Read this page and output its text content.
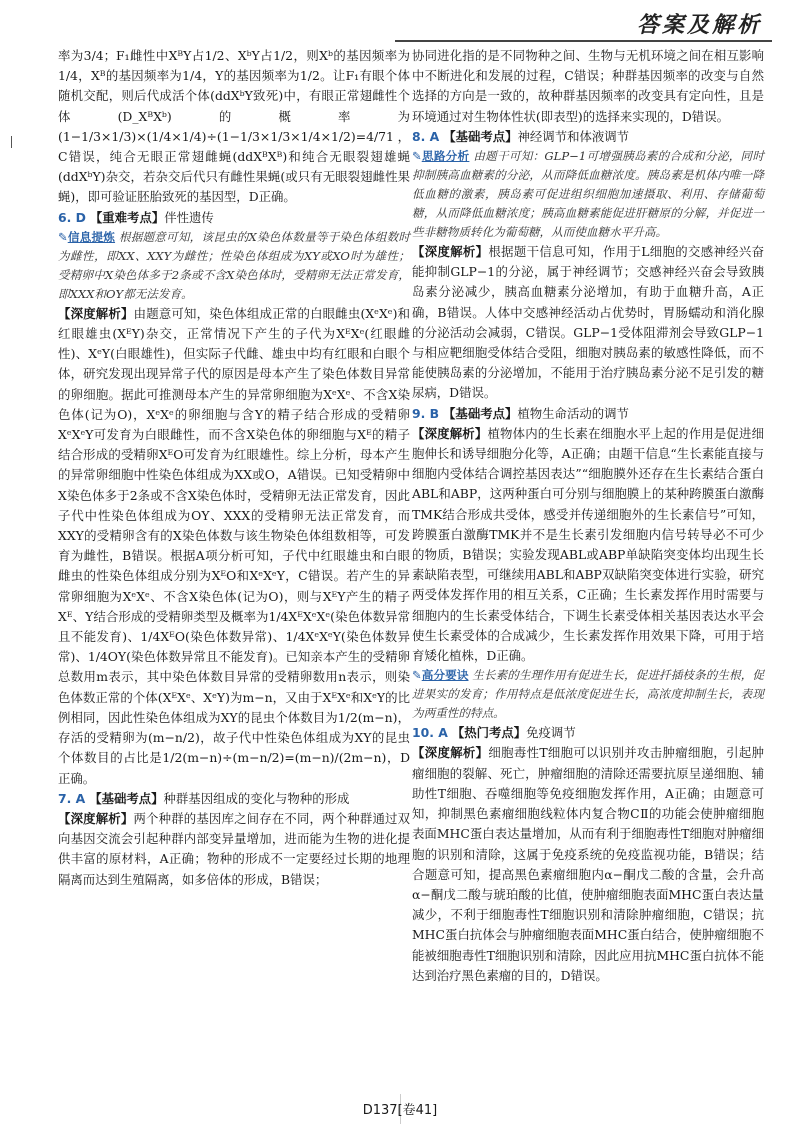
答案及解析

率为3/4；F₁雌性中XᴮY占1/2、XᵇY占1/2，则Xᵇ的基因频率为1/4，Xᴮ的基因频率为1/4，Y的基因频率为1/2。让F₁有眼个体随机交配，则后代成活个体(ddXᵇY致死)中，有眼正常翅雌性个体(D_XᴮXᵇ)的概率为(1−1/3×1/3)×(1/4×1/4)÷(1−1/3×1/3×1/4×1/2)=4/71，C错误，纯合无眼正常翅雌蝇(ddXᴮXᴮ)和纯合无眼裂翅雄蝇(ddXᵇY)杂交，若杂交后代只有雌性果蝇(或只有无眼裂翅雌性果蝇)，即可验证胚胎致死的基因型，D正确。

6. D 【重难考点】伴性遗传

✎信息提炼 根据题意可知，该昆虫的X染色体数量等于染色体组数时为雌性，即XX、XXY为雌性；性染色体组成为XY或XO时为雄性；受精卵中X染色体多于2条或不含X染色体时，受精卵无法正常发育，即XXX和OY都无法发育。

【深度解析】由题意可知，染色体组成正常的白眼雌虫(XᵉXᵉ)和红眼雄虫(XᴱY)杂交，正常情况下产生的子代为XᴱXᵉ(红眼雌性)、XᵉY(白眼雄性)，但实际子代雌、雄虫中均有红眼和白眼个体，研究发现出现异常子代的原因是母本产生了染色体数目异常的卵细胞。据此可推测母本产生的异常卵细胞为XᵉXᵉ、不含X染色体(记为O)，XᵉXᵉ的卵细胞与含Y的精子结合形成的受精卵XᵉXᵉY可发育为白眼雌性，而不含X染色体的卵细胞与Xᴱ的精子结合形成的受精卵XᴱO可发育为红眼雄性。综上分析，母本产生的异常卵细胞中性染色体组成为XX或O，A错误。已知受精卵中X染色体多于2条或不含X染色体时，受精卵无法正常发育，因此子代中性染色体组成为OY、XXX的受精卵无法正常发育，而XXY的受精卵含有的X染色体数与该生物染色体组数相等，可发育为雌性，B错误。根据A项分析可知，子代中红眼雄虫和白眼雌虫的性染色体组成分别为XᴱO和XᵉXᵉY，C错误。若产生的异常卵细胞为XᵉXᵉ、不含X染色体(记为O)，则与XᴱY产生的精子Xᴱ、Y结合形成的受精卵类型及概率为1/4XᴱXᵉXᵉ(染色体数异常且不能发育)、1/4XᴱO(染色体数异常)、1/4XᵉXᵉY(染色体数异常)、1/4OY(染色体数异常且不能发育)。已知亲本产生的受精卵总数用m表示，其中染色体数目异常的受精卵数用n表示，则染色体数正常的个体(XᴱXᵉ、XᵉY)为m−n，又由于XᴱXᵉ和XᵉY的比例相同，因此性染色体组成为XY的昆虫个体数目为1/2(m−n)，存活的受精卵为(m−n/2)，故子代中性染色体组成为XY的昆虫个体数目的占比是1/2(m−n)÷(m−n/2)=(m−n)/(2m−n)，D正确。

7. A 【基础考点】种群基因组成的变化与物种的形成

【深度解析】两个种群的基因库之间存在不同，两个种群通过双向基因交流会引起种群内部变异量增加，进而能为生物的进化提供丰富的原材料，A正确；物种的形成不一定要经过长期的地理隔离而达到生殖隔离，如多倍体的形成，B错误；

协同进化指的是不同物种之间、生物与无机环境之间在相互影响中不断进化和发展的过程，C错误；种群基因频率的改变与自然选择的方向是一致的，故种群基因频率的改变具有定向性，且是环境通过对生物体性状(即表型)的选择来实现的，D错误。

8. A 【基础考点】神经调节和体液调节

✎思路分析 由题干可知：GLP−1可增强胰岛素的合成和分泌，同时抑制胰高血糖素的分泌，从而降低血糖浓度。胰岛素是机体内唯一降低血糖的激素，胰岛素可促进组织细胞加速摄取、利用、存储葡萄糖，从而降低血糖浓度；胰高血糖素能促进肝糖原的分解，并促进一些非糖物质转化为葡萄糖，从而使血糖水平升高。

【深度解析】根据题干信息可知，作用于L细胞的交感神经兴奋能抑制GLP−1的分泌，属于神经调节；交感神经兴奋会导致胰岛素分泌减少，胰高血糖素分泌增加，有助于血糖升高，A正确，B错误。人体中交感神经活动占优势时，胃肠蠕动和消化腺的分泌活动会减弱，C错误。GLP−1受体阻滞剂会导致GLP−1与相应靶细胞受体结合受阻，细胞对胰岛素的敏感性降低，而不能使胰岛素的分泌增加，不能用于治疗胰岛素分泌不足引发的糖尿病，D错误。

9. B 【基础考点】植物生命活动的调节

【深度解析】植物体内的生长素在细胞水平上起的作用是促进细胞伸长和诱导细胞分化等，A正确；由题干信息“生长素能直接与细胞内受体结合调控基因表达”“细胞膜外还存在生长素结合蛋白ABL和ABP，这两种蛋白可分别与细胞膜上的某种跨膜蛋白激酶TMK结合形成共受体，感受并传递细胞外的生长素信号”可知，跨膜蛋白激酶TMK并不是生长素引发细胞内信号转导必不可少的物质，B错误；实验发现ABL或ABP单缺陷突变体均出现生长素缺陷表型，可继续用ABL和ABP双缺陷突变体进行实验，研究两受体发挥作用的相互关系，C正确；生长素发挥作用时需要与细胞内的生长素受体结合，下调生长素受体相关基因表达水平会使生长素受体的合成减少，生长素发挥作用效果下降，可用于培育矮化植株，D正确。

✎高分要诀 生长素的生理作用有促进生长，促进扦插枝条的生根，促进果实的发育；作用特点是低浓度促进生长，高浓度抑制生长，表现为两重性的特点。

10. A 【热门考点】免疫调节

【深度解析】细胞毒性T细胞可以识别并攻击肿瘤细胞，引起肿瘤细胞的裂解、死亡，肿瘤细胞的清除还需要抗原呈递细胞、辅助性T细胞、吞噬细胞等免疫细胞发挥作用，A正确；由题意可知，抑制黑色素瘤细胞线粒体内复合物CⅡ的功能会使肿瘤细胞表面MHC蛋白表达量增加，从而有利于细胞毒性T细胞对肿瘤细胞的识别和清除，这属于免疫系统的免疫监视功能，B错误；结合题意可知，提高黑色素瘤细胞内α−酮戊二酸的含量，会升高α−酮戊二酸与琥珀酸的比值，使肿瘤细胞表面MHC蛋白表达量减少，不利于细胞毒性T细胞识别和清除肿瘤细胞，C错误；抗MHC蛋白抗体会与肿瘤细胞表面MHC蛋白结合，使肿瘤细胞不能被细胞毒性T细胞识别和清除，因此应用抗MHC蛋白抗体不能达到治疗黑色素瘤的目的，D错误。

D137[卷41]
